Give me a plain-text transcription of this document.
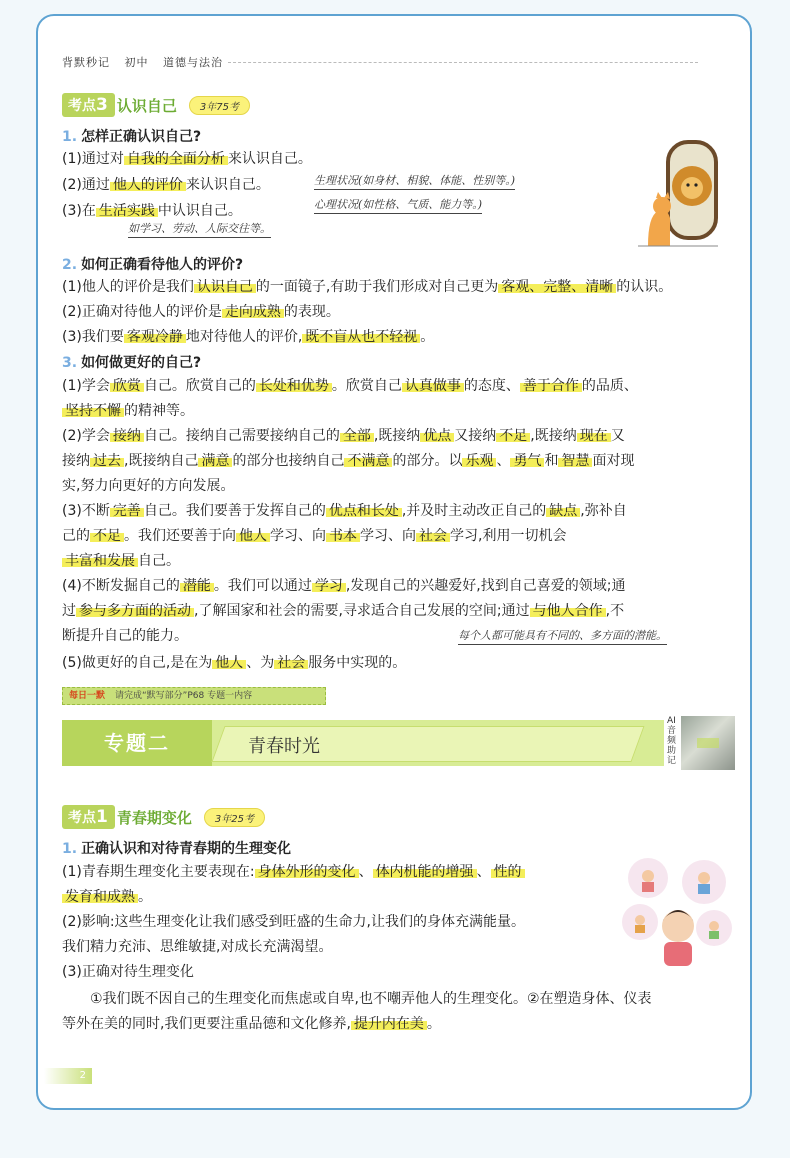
背默秒记 初中 道德与法治
考点3 认识自己	3年75考
1. 怎样正确认识自己?
(1)通过对 自我的全面分析 来认识自己。
(2)通过 他人的评价 来认识自己。
(3)在 生活实践 中认识自己。
生理状况(如身材、相貌、体能、性别等。)
心理状况(如性格、气质、能力等。)
如学习、劳动、人际交往等。
2. 如何正确看待他人的评价?
(1)他人的评价是我们 认识自己 的一面镜子,有助于我们形成对自己更为 客观、完整、清晰 的认识。
(2)正确对待他人的评价是 走向成熟 的表现。
(3)我们要 客观冷静 地对待他人的评价, 既不盲从也不轻视 。
3. 如何做更好的自己?
(1)学会 欣赏 自己。欣赏自己的 长处和优势 。欣赏自己 认真做事 的态度、 善于合作 的品质、
坚持不懈 的精神等。
(2)学会 接纳 自己。接纳自己需要接纳自己的 全部 ,既接纳 优点 又接纳 不足 ,既接纳 现在 又
接纳 过去 ,既接纳自己 满意 的部分也接纳自己 不满意 的部分。以 乐观 、 勇气 和 智慧 面对现
实,努力向更好的方向发展。
(3)不断 完善 自己。我们要善于发挥自己的 优点和长处 ,并及时主动改正自己的 缺点 ,弥补自
己的 不足 。我们还要善于向 他人 学习、向 书本 学习、向 社会 学习,利用一切机会
丰富和发展 自己。
(4)不断发掘自己的 潜能 。我们可以通过 学习 ,发现自己的兴趣爱好,找到自己喜爱的领域;通
过 参与多方面的活动 ,了解国家和社会的需要,寻求适合自己发展的空间;通过 与他人合作 ,不
断提升自己的能力。	每个人都可能具有不同的、多方面的潜能。
(5)做更好的自己,是在为 他人 、为 社会 服务中实现的。
每日一默 请完成“默写部分”P68 专题一内容
专题二	青春时光
AI音频助记
考点1 青春期变化	3年25考
1. 正确认识和对待青春期的生理变化
(1)青春期生理变化主要表现在: 身体外形的变化 、 体内机能的增强 、 性的
发育和成熟 。
(2)影响:这些生理变化让我们感受到旺盛的生命力,让我们的身体充满能量。
我们精力充沛、思维敏捷,对成长充满渴望。
(3)正确对待生理变化
①我们既不因自己的生理变化而焦虑或自卑,也不嘲弄他人的生理变化。②在塑造身体、仪表
等外在美的同时,我们更要注重品德和文化修养, 提升内在美 。
2
